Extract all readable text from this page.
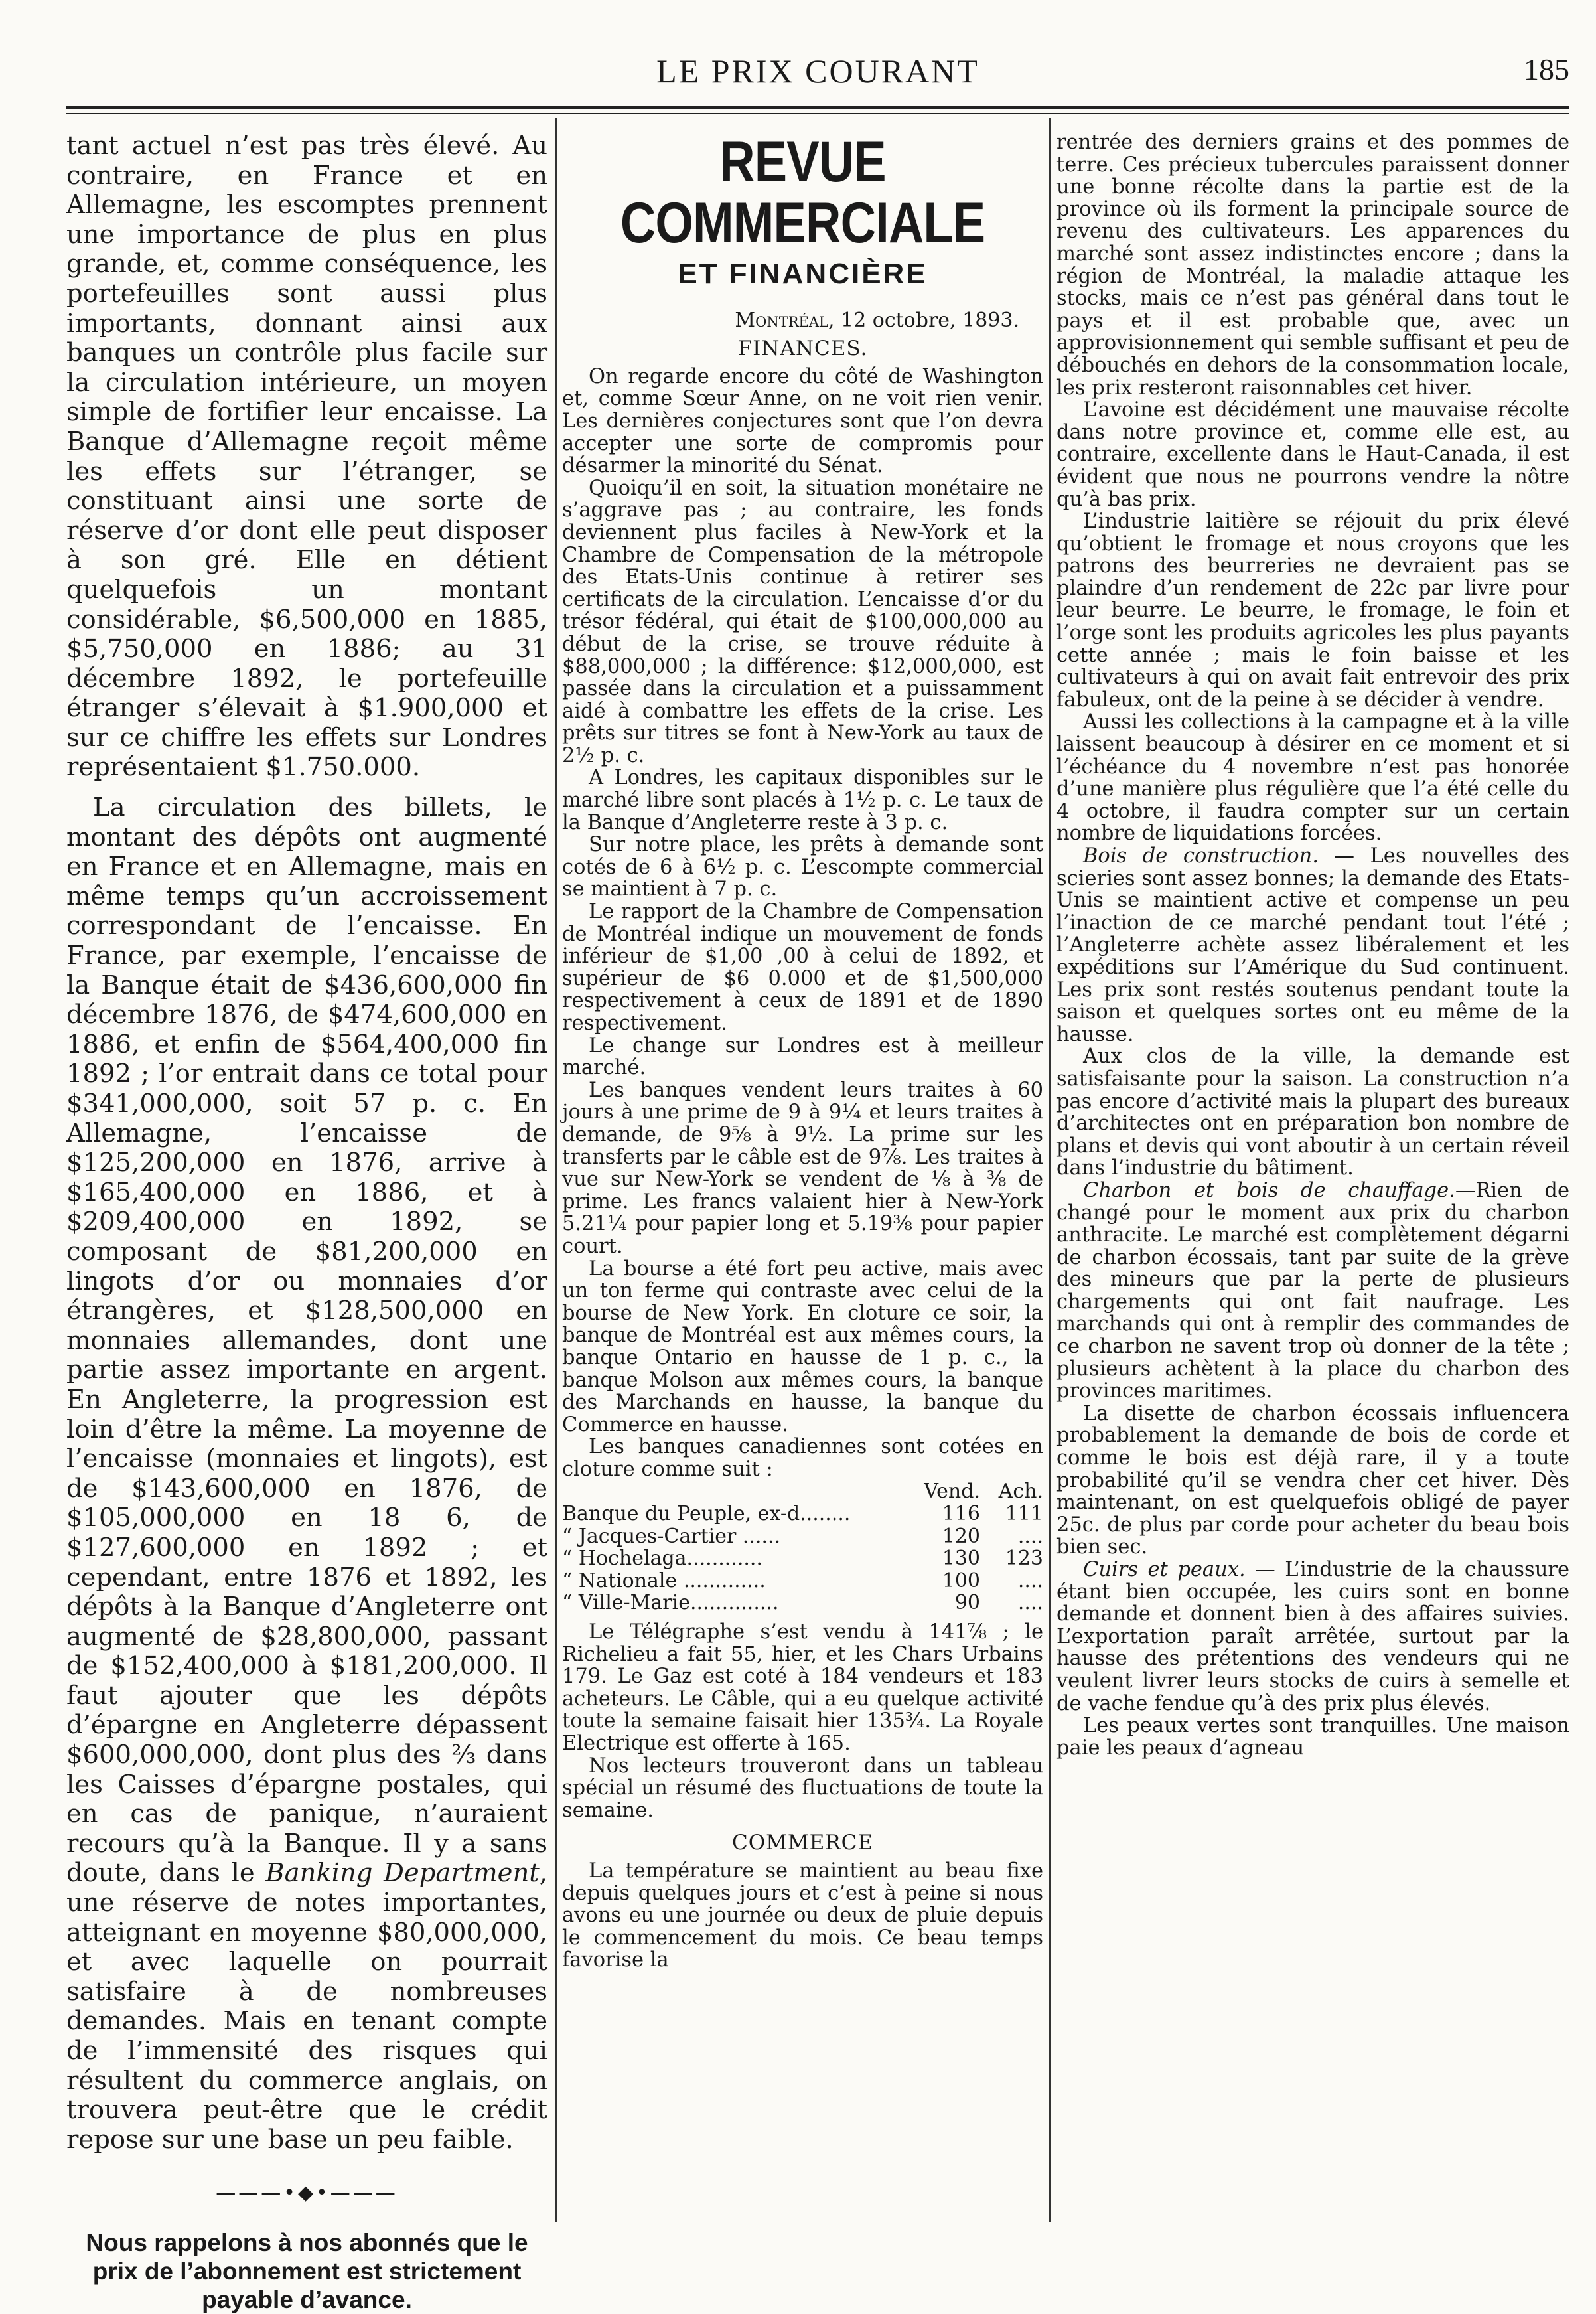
LE PRIX COURANT	185

tant actuel n’est pas très élevé. Au contraire, en France et en Allemagne, les escomptes prennent une importance de plus en plus grande, et, comme conséquence, les portefeuilles sont aussi plus importants, donnant ainsi aux banques un contrôle plus facile sur la circulation intérieure, un moyen simple de fortifier leur encaisse. La Banque d’Allemagne reçoit même les effets sur l’étranger, se constituant ainsi une sorte de réserve d’or dont elle peut disposer à son gré. Elle en détient quelquefois un montant considérable, $6,500,000 en 1885, $5,750,000 en 1886; au 31 décembre 1892, le portefeuille étranger s’élevait à $1.900,000 et sur ce chiffre les effets sur Londres représentaient $1.750.000.

La circulation des billets, le montant des dépôts ont augmenté en France et en Allemagne, mais en même temps qu’un accroissement correspondant de l’encaisse. En France, par exemple, l’encaisse de la Banque était de $436,600,000 fin décembre 1876, de $474,600,000 en 1886, et enfin de $564,400,000 fin 1892 ; l’or entrait dans ce total pour $341,000,000, soit 57 p. c. En Allemagne, l’encaisse de $125,200,000 en 1876, arrive à $165,400,000 en 1886, et à $209,400,000 en 1892, se composant de $81,200,000 en lingots d’or ou monnaies d’or étrangères, et $128,500,000 en monnaies allemandes, dont une partie assez importante en argent. En Angleterre, la progression est loin d’être la même. La moyenne de l’encaisse (monnaies et lingots), est de $143,600,000 en 1876, de $105,000,000 en 18 6, de $127,600,000 en 1892 ; et cependant, entre 1876 et 1892, les dépôts à la Banque d’Angleterre ont augmenté de $28,800,000, passant de $152,400,000 à $181,200,000. Il faut ajouter que les dépôts d’épargne en Angleterre dépassent $600,000,000, dont plus des ⅔ dans les Caisses d’épargne postales, qui en cas de panique, n’auraient recours qu’à la Banque. Il y a sans doute, dans le Banking Department, une réserve de notes importantes, atteignant en moyenne $80,000,000, et avec laquelle on pourrait satisfaire à de nombreuses demandes. Mais en tenant compte de l’immensité des risques qui résultent du commerce anglais, on trouvera peut-être que le crédit repose sur une base un peu faible.

———•◆•———
Nous rappelons à nos abonnés que le prix de l’abonnement est strictement payable d’avance.
REVUE COMMERCIALE
ET FINANCIÈRE
Montréal, 12 octobre, 1893.
FINANCES.

On regarde encore du côté de Washington et, comme Sœur Anne, on ne voit rien venir. Les dernières conjectures sont que l’on devra accepter une sorte de compromis pour désarmer la minorité du Sénat.

Quoiqu’il en soit, la situation monétaire ne s’aggrave pas ; au contraire, les fonds deviennent plus faciles à New-York et la Chambre de Compensation de la métropole des Etats-Unis continue à retirer ses certificats de la circulation. L’encaisse d’or du trésor fédéral, qui était de $100,000,000 au début de la crise, se trouve réduite à $88,000,000 ; la différence: $12,000,000, est passée dans la circulation et a puissamment aidé à combattre les effets de la crise. Les prêts sur titres se font à New-York au taux de 2½ p. c.

A Londres, les capitaux disponibles sur le marché libre sont placés à 1½ p. c. Le taux de la Banque d’Angleterre reste à 3 p. c.

Sur notre place, les prêts à demande sont cotés de 6 à 6½ p. c. L’escompte commercial se maintient à 7 p. c.

Le rapport de la Chambre de Compensation de Montréal indique un mouvement de fonds inférieur de $1,00 ,00 à celui de 1892, et supérieur de $6 0.000 et de $1,500,000 respectivement à ceux de 1891 et de 1890 respectivement.

Le change sur Londres est à meilleur marché.

Les banques vendent leurs traites à 60 jours à une prime de 9 à 9¼ et leurs traites à demande, de 9⅝ à 9½. La prime sur les transferts par le câble est de 9⅞. Les traites à vue sur New-York se vendent de ⅛ à ⅜ de prime. Les francs valaient hier à New-York 5.21¼ pour papier long et 5.19⅜ pour papier court.

La bourse a été fort peu active, mais avec un ton ferme qui contraste avec celui de la bourse de New York. En cloture ce soir, la banque de Montréal est aux mêmes cours, la banque Ontario en hausse de 1 p. c., la banque Molson aux mêmes cours, la banque des Marchands en hausse, la banque du Commerce en hausse.

Les banques canadiennes sont cotées en cloture comme suit :

	Vend.	Ach.
Banque du Peuple, ex-d........	116	111
“ Jacques-Cartier ......	120	....
“ Hochelaga............	130	123
“ Nationale .............	100	....
“ Ville-Marie..............	90	....

Le Télégraphe s’est vendu à 141⅞ ; le Richelieu a fait 55, hier, et les Chars Urbains 179. Le Gaz est coté à 184 vendeurs et 183 acheteurs. Le Câble, qui a eu quelque activité toute la semaine faisait hier 135¾. La Royale Electrique est offerte à 165.

Nos lecteurs trouveront dans un tableau spécial un résumé des fluctuations de toute la semaine.

COMMERCE

La température se maintient au beau fixe depuis quelques jours et c’est à peine si nous avons eu une journée ou deux de pluie depuis le commencement du mois. Ce beau temps favorise la

rentrée des derniers grains et des pommes de terre. Ces précieux tubercules paraissent donner une bonne récolte dans la partie est de la province où ils forment la principale source de revenu des cultivateurs. Les apparences du marché sont assez indistinctes encore ; dans la région de Montréal, la maladie attaque les stocks, mais ce n’est pas général dans tout le pays et il est probable que, avec un approvisionnement qui semble suffisant et peu de débouchés en dehors de la consommation locale, les prix resteront raisonnables cet hiver.

L’avoine est décidément une mauvaise récolte dans notre province et, comme elle est, au contraire, excellente dans le Haut-Canada, il est évident que nous ne pourrons vendre la nôtre qu’à bas prix.

L’industrie laitière se réjouit du prix élevé qu’obtient le fromage et nous croyons que les patrons des beurreries ne devraient pas se plaindre d’un rendement de 22c par livre pour leur beurre. Le beurre, le fromage, le foin et l’orge sont les produits agricoles les plus payants cette année ; mais le foin baisse et les cultivateurs à qui on avait fait entrevoir des prix fabuleux, ont de la peine à se décider à vendre.

Aussi les collections à la campagne et à la ville laissent beaucoup à désirer en ce moment et si l’échéance du 4 novembre n’est pas honorée d’une manière plus régulière que l’a été celle du 4 octobre, il faudra compter sur un certain nombre de liquidations forcées.

Bois de construction. — Les nouvelles des scieries sont assez bonnes; la demande des Etats-Unis se maintient active et compense un peu l’inaction de ce marché pendant tout l’été ; l’Angleterre achète assez libéralement et les expéditions sur l’Amérique du Sud continuent. Les prix sont restés soutenus pendant toute la saison et quelques sortes ont eu même de la hausse.

Aux clos de la ville, la demande est satisfaisante pour la saison. La construction n’a pas encore d’activité mais la plupart des bureaux d’architectes ont en préparation bon nombre de plans et devis qui vont aboutir à un certain réveil dans l’industrie du bâtiment.

Charbon et bois de chauffage.—Rien de changé pour le moment aux prix du charbon anthracite. Le marché est complètement dégarni de charbon écossais, tant par suite de la grève des mineurs que par la perte de plusieurs chargements qui ont fait naufrage. Les marchands qui ont à remplir des commandes de ce charbon ne savent trop où donner de la tête ; plusieurs achètent à la place du charbon des provinces maritimes.

La disette de charbon écossais influencera probablement la demande de bois de corde et comme le bois est déjà rare, il y a toute probabilité qu’il se vendra cher cet hiver. Dès maintenant, on est quelquefois obligé de payer 25c. de plus par corde pour acheter du beau bois bien sec.

Cuirs et peaux. — L’industrie de la chaussure étant bien occupée, les cuirs sont en bonne demande et donnent bien à des affaires suivies. L’exportation paraît arrêtée, surtout par la hausse des prétentions des vendeurs qui ne veulent livrer leurs stocks de cuirs à semelle et de vache fendue qu’à des prix plus élevés.

Les peaux vertes sont tranquilles. Une maison paie les peaux d’agneau
